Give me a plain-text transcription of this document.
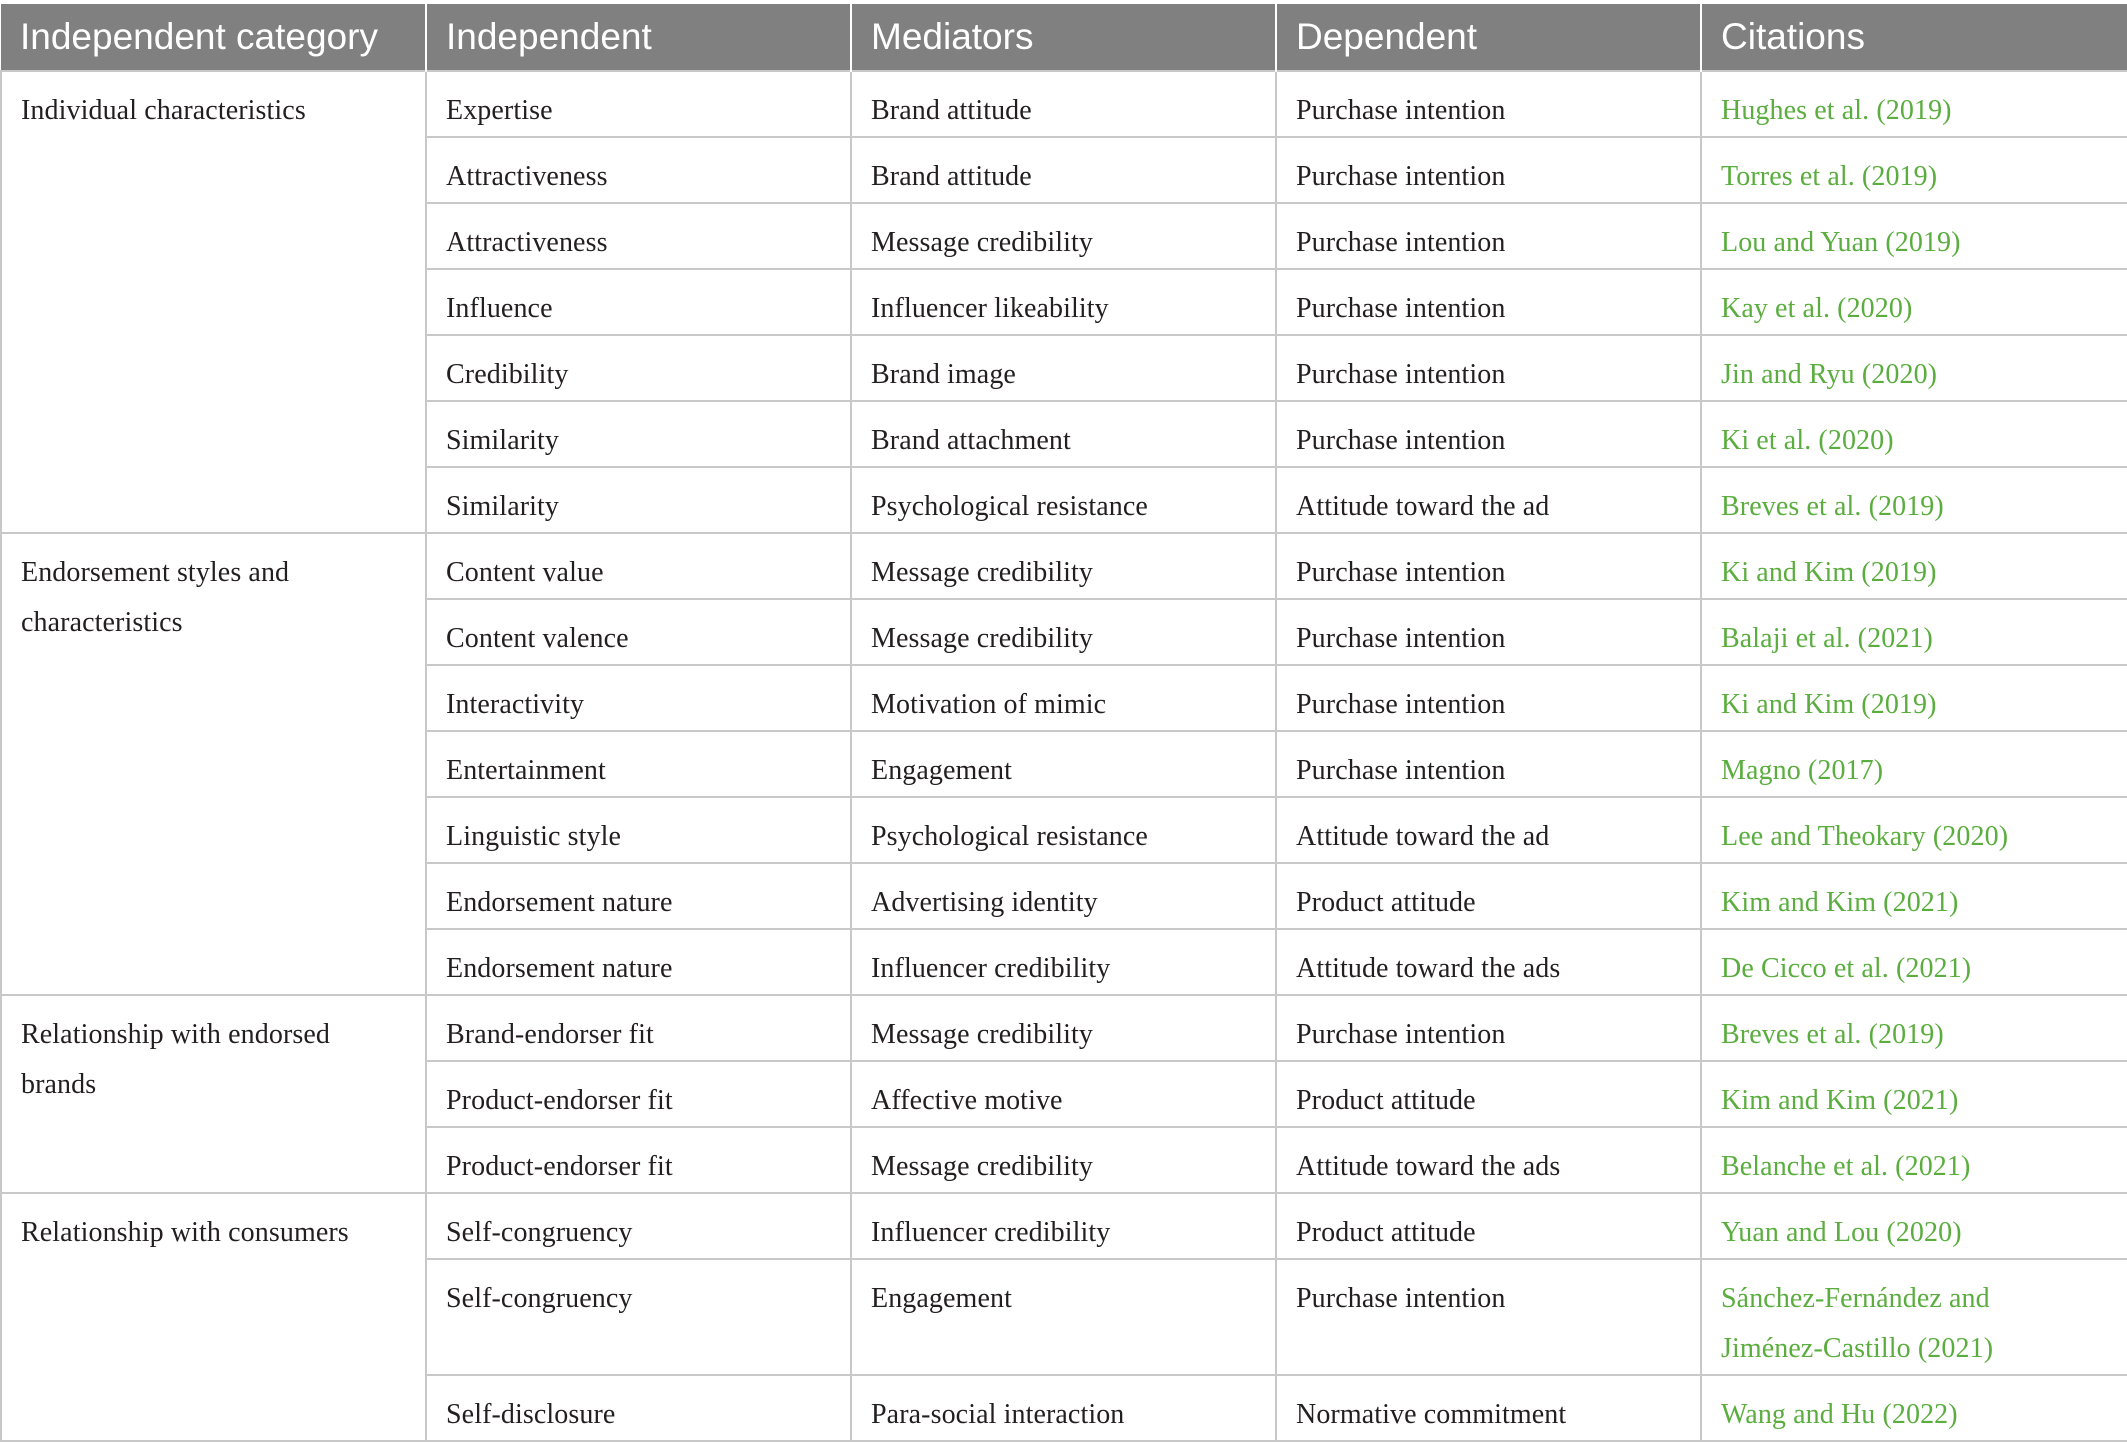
Independent category	Independent	Mediators	Dependent	Citations
Individual characteristics	Expertise	Brand attitude	Purchase intention	Hughes et al. (2019)
	Attractiveness	Brand attitude	Purchase intention	Torres et al. (2019)
	Attractiveness	Message credibility	Purchase intention	Lou and Yuan (2019)
	Influence	Influencer likeability	Purchase intention	Kay et al. (2020)
	Credibility	Brand image	Purchase intention	Jin and Ryu (2020)
	Similarity	Brand attachment	Purchase intention	Ki et al. (2020)
	Similarity	Psychological resistance	Attitude toward the ad	Breves et al. (2019)

Endorsement styles and
characteristics	Content value	Message credibility	Purchase intention	Ki and Kim (2019)
	Content valence	Message credibility	Purchase intention	Balaji et al. (2021)
	Interactivity	Motivation of mimic	Purchase intention	Ki and Kim (2019)
	Entertainment	Engagement	Purchase intention	Magno (2017)
	Linguistic style	Psychological resistance	Attitude toward the ad	Lee and Theokary (2020)
	Endorsement nature	Advertising identity	Product attitude	Kim and Kim (2021)
	Endorsement nature	Influencer credibility	Attitude toward the ads	De Cicco et al. (2021)

Relationship with endorsed
brands	Brand-endorser fit	Message credibility	Purchase intention	Breves et al. (2019)
	Product-endorser fit	Affective motive	Product attitude	Kim and Kim (2021)
	Product-endorser fit	Message credibility	Attitude toward the ads	Belanche et al. (2021)
Relationship with consumers	Self-congruency	Influencer credibility	Product attitude	Yuan and Lou (2020)
	Self-congruency	Engagement	Purchase intention	Sánchez-Fernández and
Jiménez-Castillo (2021)

	Self-disclosure	Para-social interaction	Normative commitment	Wang and Hu (2022)
